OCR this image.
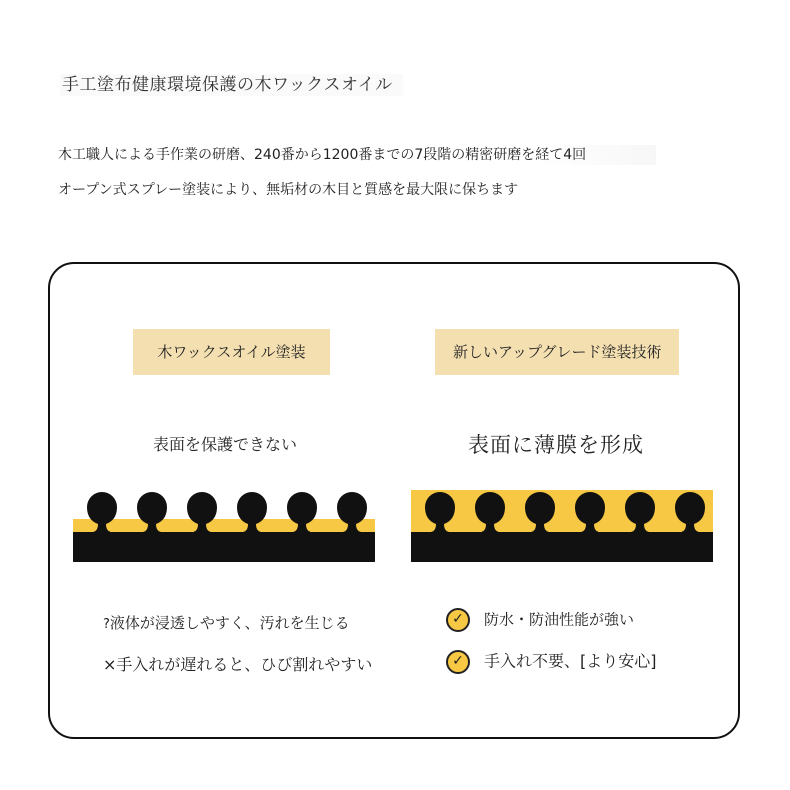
手工塗布健康環境保護の木ワックスオイル
木工職人による手作業の研磨、240番から1200番までの7段階の精密研磨を経て4回
オープン式スプレー塗装により、無垢材の木目と質感を最大限に保ちます
木ワックスオイル塗装
表面を保護できない
?液体が浸透しやすく、汚れを生じる
×手入れが遅れると、ひび割れやすい
新しいアップグレード塗装技術
表面に薄膜を形成
✓ 防水・防油性能が強い
✓ 手入れ不要、[より安心]
